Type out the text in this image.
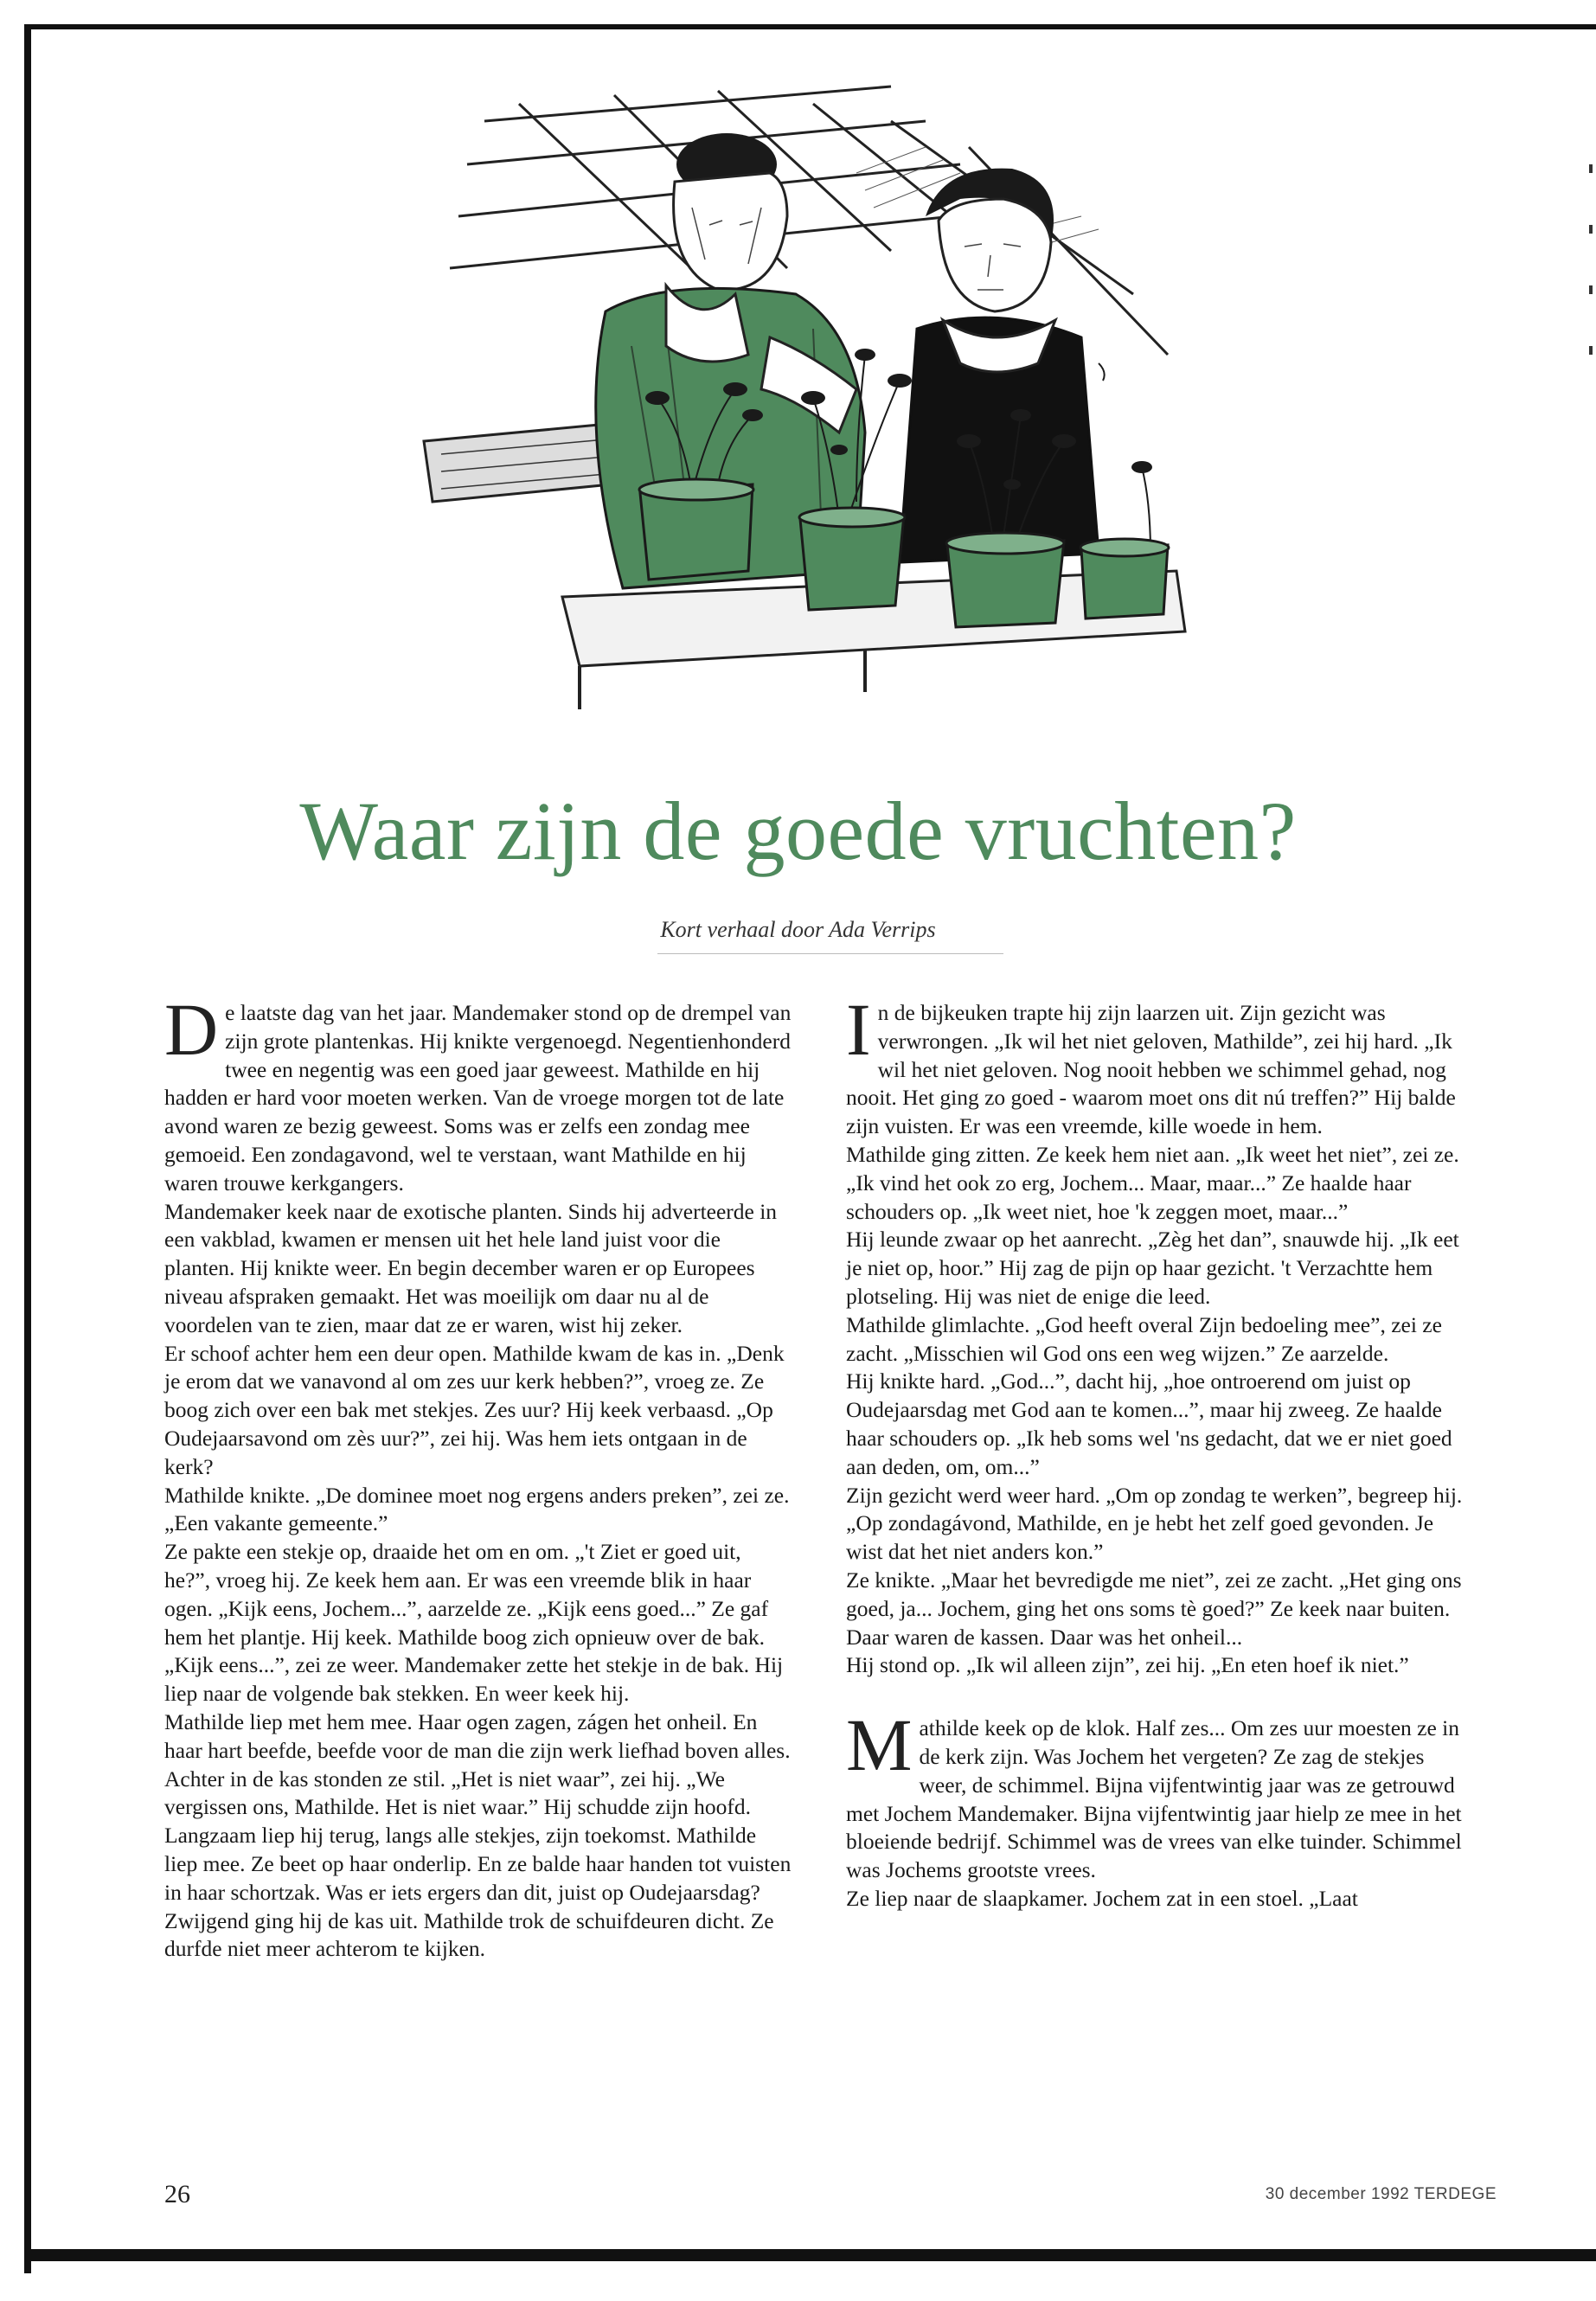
Waar zijn de goede vruchten?
Kort verhaal door Ada Verrips

De laatste dag van het jaar. Mandemaker stond op de drempel van zijn grote plantenkas. Hij knikte vergenoegd. Negentienhonderd twee en negentig was een goed jaar geweest. Mathilde en hij hadden er hard voor moeten werken. Van de vroege morgen tot de late avond waren ze bezig geweest. Soms was er zelfs een zondag mee gemoeid. Een zondagavond, wel te verstaan, want Mathilde en hij waren trouwe kerkgangers.

Mandemaker keek naar de exotische planten. Sinds hij adverteerde in een vakblad, kwamen er mensen uit het hele land juist voor die planten. Hij knikte weer. En begin december waren er op Europees niveau afspraken gemaakt. Het was moeilijk om daar nu al de voordelen van te zien, maar dat ze er waren, wist hij zeker.

Er schoof achter hem een deur open. Mathilde kwam de kas in. „Denk je erom dat we vanavond al om zes uur kerk hebben?”, vroeg ze. Ze boog zich over een bak met stekjes. Zes uur? Hij keek verbaasd. „Op Oudejaarsavond om zès uur?”, zei hij. Was hem iets ontgaan in de kerk?

Mathilde knikte. „De dominee moet nog ergens anders preken”, zei ze. „Een vakante gemeente.”

Ze pakte een stekje op, draaide het om en om. „'t Ziet er goed uit, he?”, vroeg hij. Ze keek hem aan. Er was een vreemde blik in haar ogen. „Kijk eens, Jochem...”, aarzelde ze. „Kijk eens goed...” Ze gaf hem het plantje. Hij keek. Mathilde boog zich opnieuw over de bak. „Kijk eens...”, zei ze weer. Mandemaker zette het stekje in de bak. Hij liep naar de volgende bak stekken. En weer keek hij.

Mathilde liep met hem mee. Haar ogen zagen, zágen het onheil. En haar hart beefde, beefde voor de man die zijn werk liefhad boven alles.

Achter in de kas stonden ze stil. „Het is niet waar”, zei hij. „We vergissen ons, Mathilde. Het is niet waar.” Hij schudde zijn hoofd. Langzaam liep hij terug, langs alle stekjes, zijn toekomst. Mathilde liep mee. Ze beet op haar onderlip. En ze balde haar handen tot vuisten in haar schortzak. Was er iets ergers dan dit, juist op Oudejaarsdag?

Zwijgend ging hij de kas uit. Mathilde trok de schuifdeuren dicht. Ze durfde niet meer achterom te kijken.

In de bijkeuken trapte hij zijn laarzen uit. Zijn gezicht was verwrongen. „Ik wil het niet geloven, Mathilde”, zei hij hard. „Ik wil het niet geloven. Nog nooit hebben we schimmel gehad, nog nooit. Het ging zo goed - waarom moet ons dit nú treffen?” Hij balde zijn vuisten. Er was een vreemde, kille woede in hem.

Mathilde ging zitten. Ze keek hem niet aan. „Ik weet het niet”, zei ze. „Ik vind het ook zo erg, Jochem... Maar, maar...” Ze haalde haar schouders op. „Ik weet niet, hoe 'k zeggen moet, maar...”

Hij leunde zwaar op het aanrecht. „Zèg het dan”, snauwde hij. „Ik eet je niet op, hoor.” Hij zag de pijn op haar gezicht. 't Verzachtte hem plotseling. Hij was niet de enige die leed.

Mathilde glimlachte. „God heeft overal Zijn bedoeling mee”, zei ze zacht. „Misschien wil God ons een weg wijzen.” Ze aarzelde.

Hij knikte hard. „God...”, dacht hij, „hoe ontroerend om juist op Oudejaarsdag met God aan te komen...”, maar hij zweeg. Ze haalde haar schouders op. „Ik heb soms wel 'ns gedacht, dat we er niet goed aan deden, om, om...”

Zijn gezicht werd weer hard. „Om op zondag te werken”, begreep hij. „Op zondagávond, Mathilde, en je hebt het zelf goed gevonden. Je wist dat het niet anders kon.”

Ze knikte. „Maar het bevredigde me niet”, zei ze zacht. „Het ging ons goed, ja... Jochem, ging het ons soms tè goed?” Ze keek naar buiten. Daar waren de kassen. Daar was het onheil...

Hij stond op. „Ik wil alleen zijn”, zei hij. „En eten hoef ik niet.”

Mathilde keek op de klok. Half zes... Om zes uur moesten ze in de kerk zijn. Was Jochem het vergeten? Ze zag de stekjes weer, de schimmel. Bijna vijfentwintig jaar was ze getrouwd met Jochem Mandemaker. Bijna vijfentwintig jaar hielp ze mee in het bloeiende bedrijf. Schimmel was de vrees van elke tuinder. Schimmel was Jochems grootste vrees.

Ze liep naar de slaapkamer. Jochem zat in een stoel. „Laat

26	30 december 1992 TERDEGE
